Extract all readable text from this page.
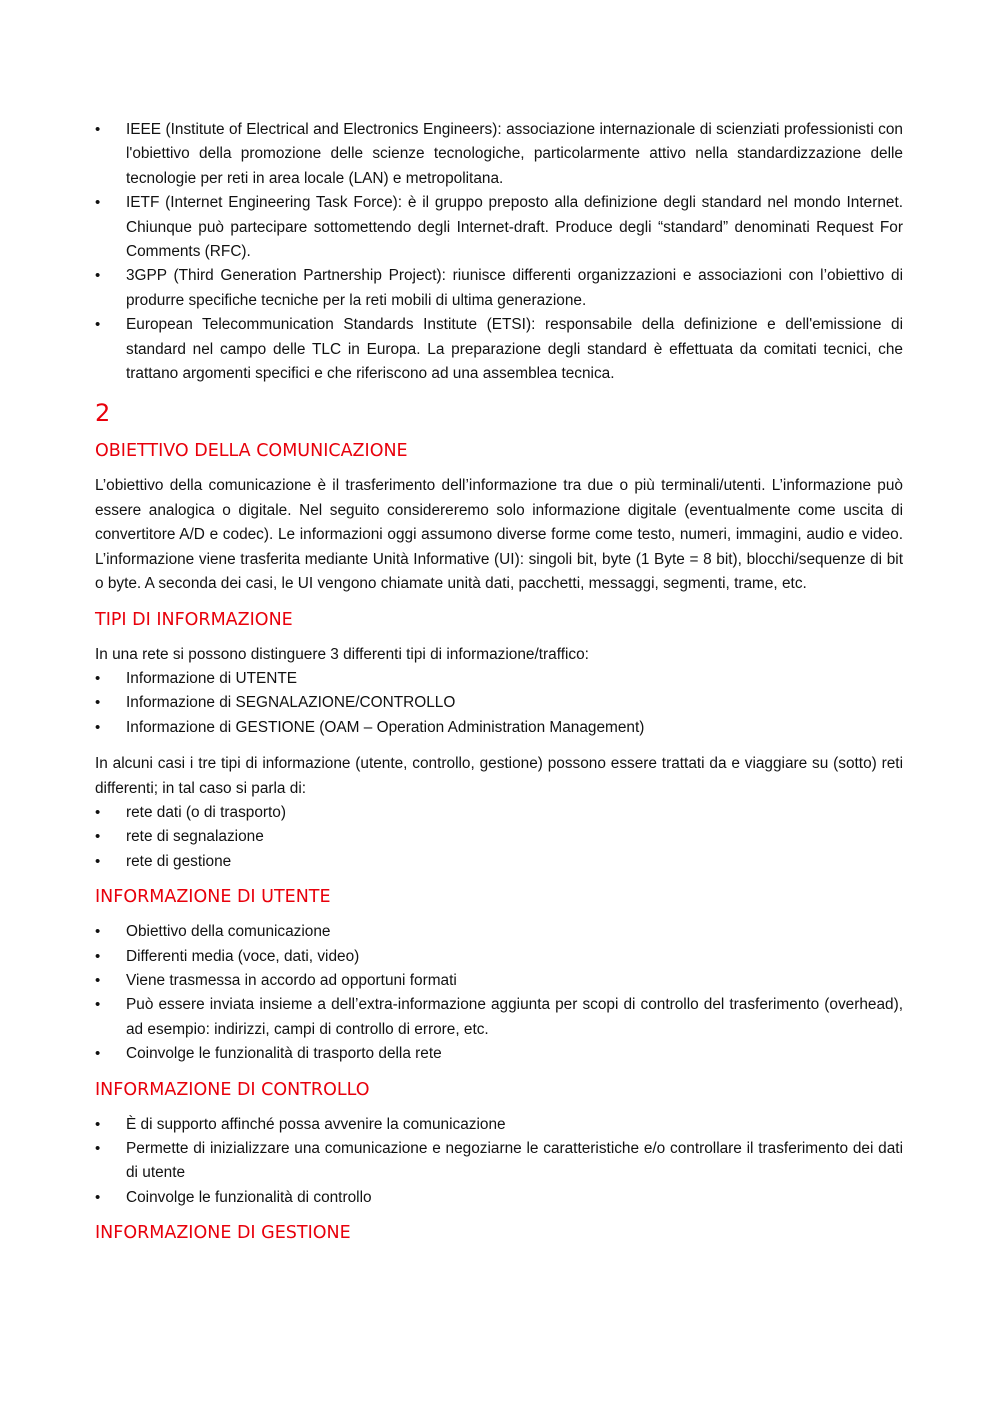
•	IEEE (Institute of Electrical and Electronics Engineers): associazione internazionale di scienziati professionisti con l'obiettivo della promozione delle scienze tecnologiche, particolarmente attivo nella standardizzazione delle tecnologie per reti in area locale (LAN) e metropolitana.
•	IETF (Internet Engineering Task Force): è il gruppo preposto alla definizione degli standard nel mondo Internet. Chiunque può partecipare sottomettendo degli Internet-draft. Produce degli “standard” denominati Request For Comments (RFC).
•	3GPP (Third Generation Partnership Project): riunisce differenti organizzazioni e associazioni con l’obiettivo di produrre specifiche tecniche per la reti mobili di ultima generazione.
•	European Telecommunication Standards Institute (ETSI): responsabile della definizione e dell'emissione di standard nel campo delle TLC in Europa. La preparazione degli standard è effettuata da comitati tecnici, che trattano argomenti specifici e che riferiscono ad una assemblea tecnica.
2
OBIETTIVO DELLA COMUNICAZIONE

L’obiettivo della comunicazione è il trasferimento dell’informazione tra due o più terminali/utenti. L’informazione può essere analogica o digitale. Nel seguito considereremo solo informazione digitale (eventualmente come uscita di convertitore A/D e codec). Le informazioni oggi assumono diverse forme come testo, numeri, immagini, audio e video. L’informazione viene trasferita mediante Unità Informative (UI): singoli bit, byte (1 Byte = 8 bit), blocchi/sequenze di bit o byte. A seconda dei casi, le UI vengono chiamate unità dati, pacchetti, messaggi, segmenti, trame, etc.

TIPI DI INFORMAZIONE

In una rete si possono distinguere 3 differenti tipi di informazione/traffico:

•	Informazione di UTENTE
•	Informazione di SEGNALAZIONE/CONTROLLO
•	Informazione di GESTIONE (OAM – Operation Administration Management)

In alcuni casi i tre tipi di informazione (utente, controllo, gestione) possono essere trattati da e viaggiare su (sotto) reti differenti; in tal caso si parla di:

•	rete dati (o di trasporto)
•	rete di segnalazione
•	rete di gestione
INFORMAZIONE DI UTENTE
•	Obiettivo della comunicazione
•	Differenti media (voce, dati, video)
•	Viene trasmessa in accordo ad opportuni formati
•	Può essere inviata insieme a dell’extra-informazione aggiunta per scopi di controllo del trasferimento (overhead), ad esempio: indirizzi, campi di controllo di errore, etc.
•	Coinvolge le funzionalità di trasporto della rete
INFORMAZIONE DI CONTROLLO
•	È di supporto affinché possa avvenire la comunicazione
•	Permette di inizializzare una comunicazione e negoziarne le caratteristiche e/o controllare il trasferimento dei dati di utente
•	Coinvolge le funzionalità di controllo
INFORMAZIONE DI GESTIONE
